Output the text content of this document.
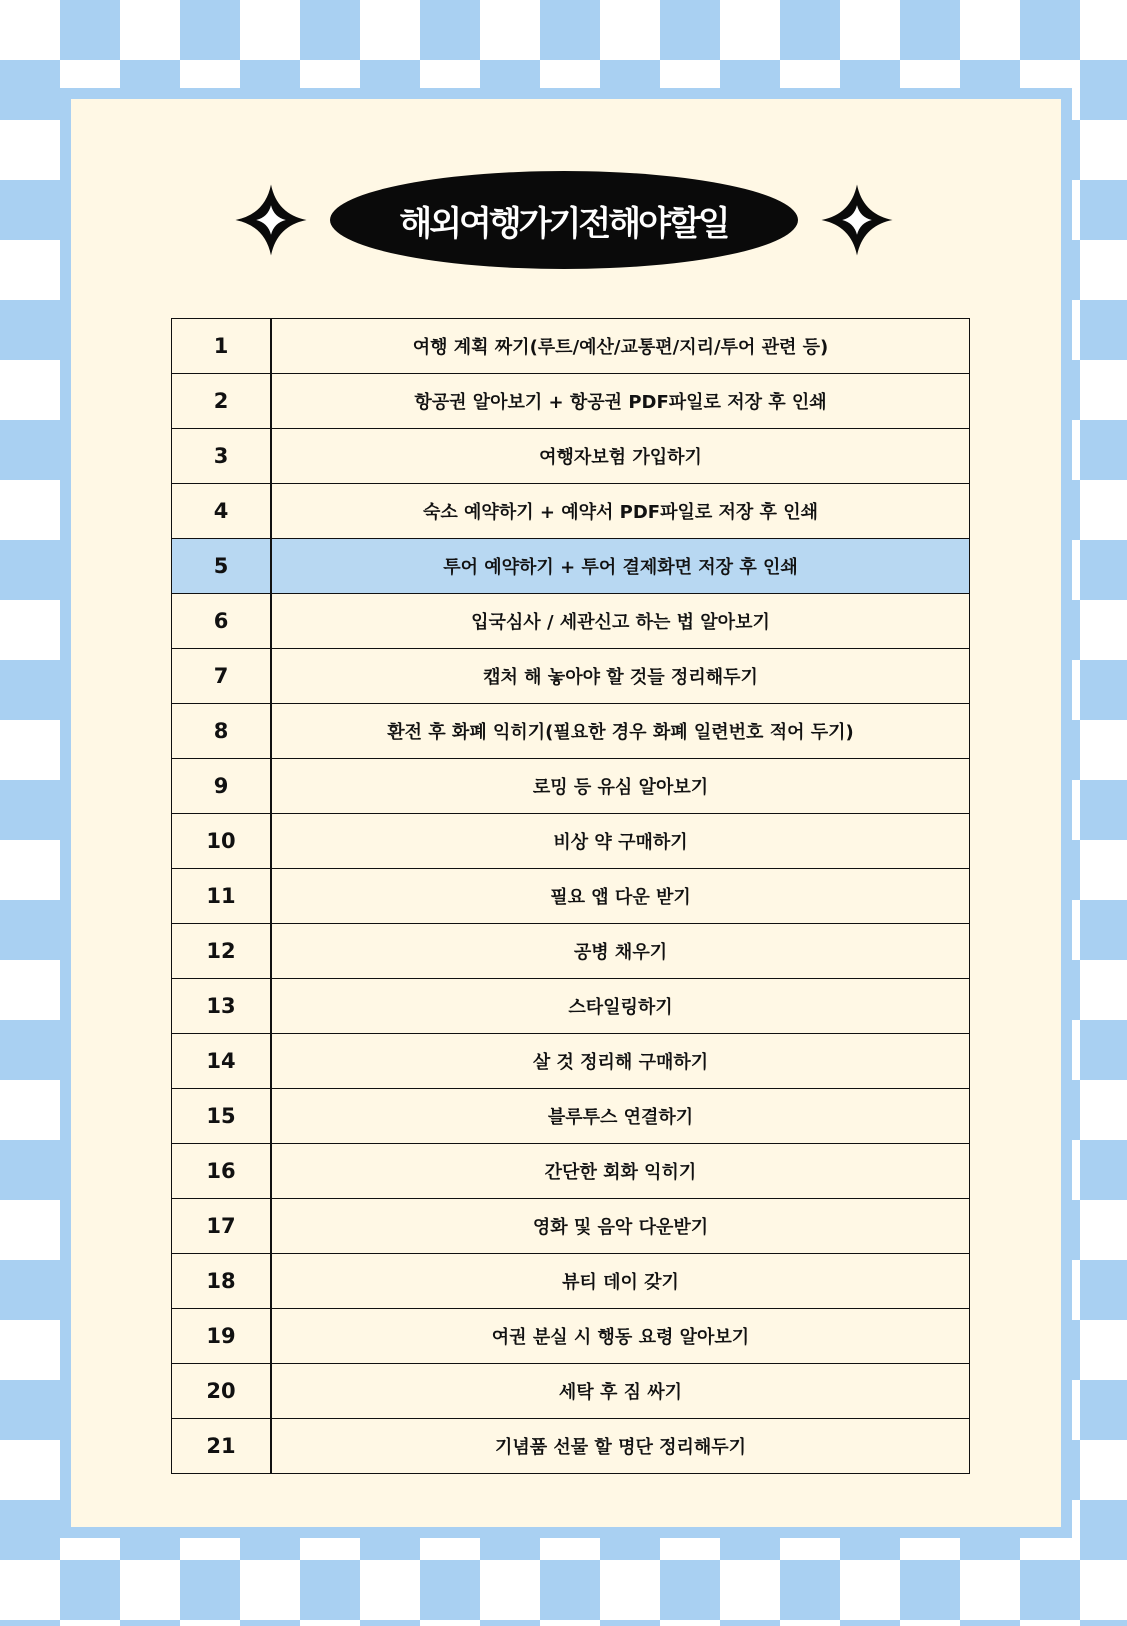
해외여행가기전해야할일
1	여행 계획 짜기(루트/예산/교통편/지리/투어 관련 등)
2	항공권 알아보기 + 항공권 PDF파일로 저장 후 인쇄
3	여행자보험 가입하기
4	숙소 예약하기 + 예약서 PDF파일로 저장 후 인쇄
5	투어 예약하기 + 투어 결제화면 저장 후 인쇄
6	입국심사 / 세관신고 하는 법 알아보기
7	캡처 해 놓아야 할 것들 정리해두기
8	환전 후 화폐 익히기(필요한 경우 화폐 일련번호 적어 두기)
9	로밍 등 유심 알아보기
10	비상 약 구매하기
11	필요 앱 다운 받기
12	공병 채우기
13	스타일링하기
14	살 것 정리해 구매하기
15	블루투스 연결하기
16	간단한 회화 익히기
17	영화 및 음악 다운받기
18	뷰티 데이 갖기
19	여권 분실 시 행동 요령 알아보기
20	세탁 후 짐 싸기
21	기념품 선물 할 명단 정리해두기
